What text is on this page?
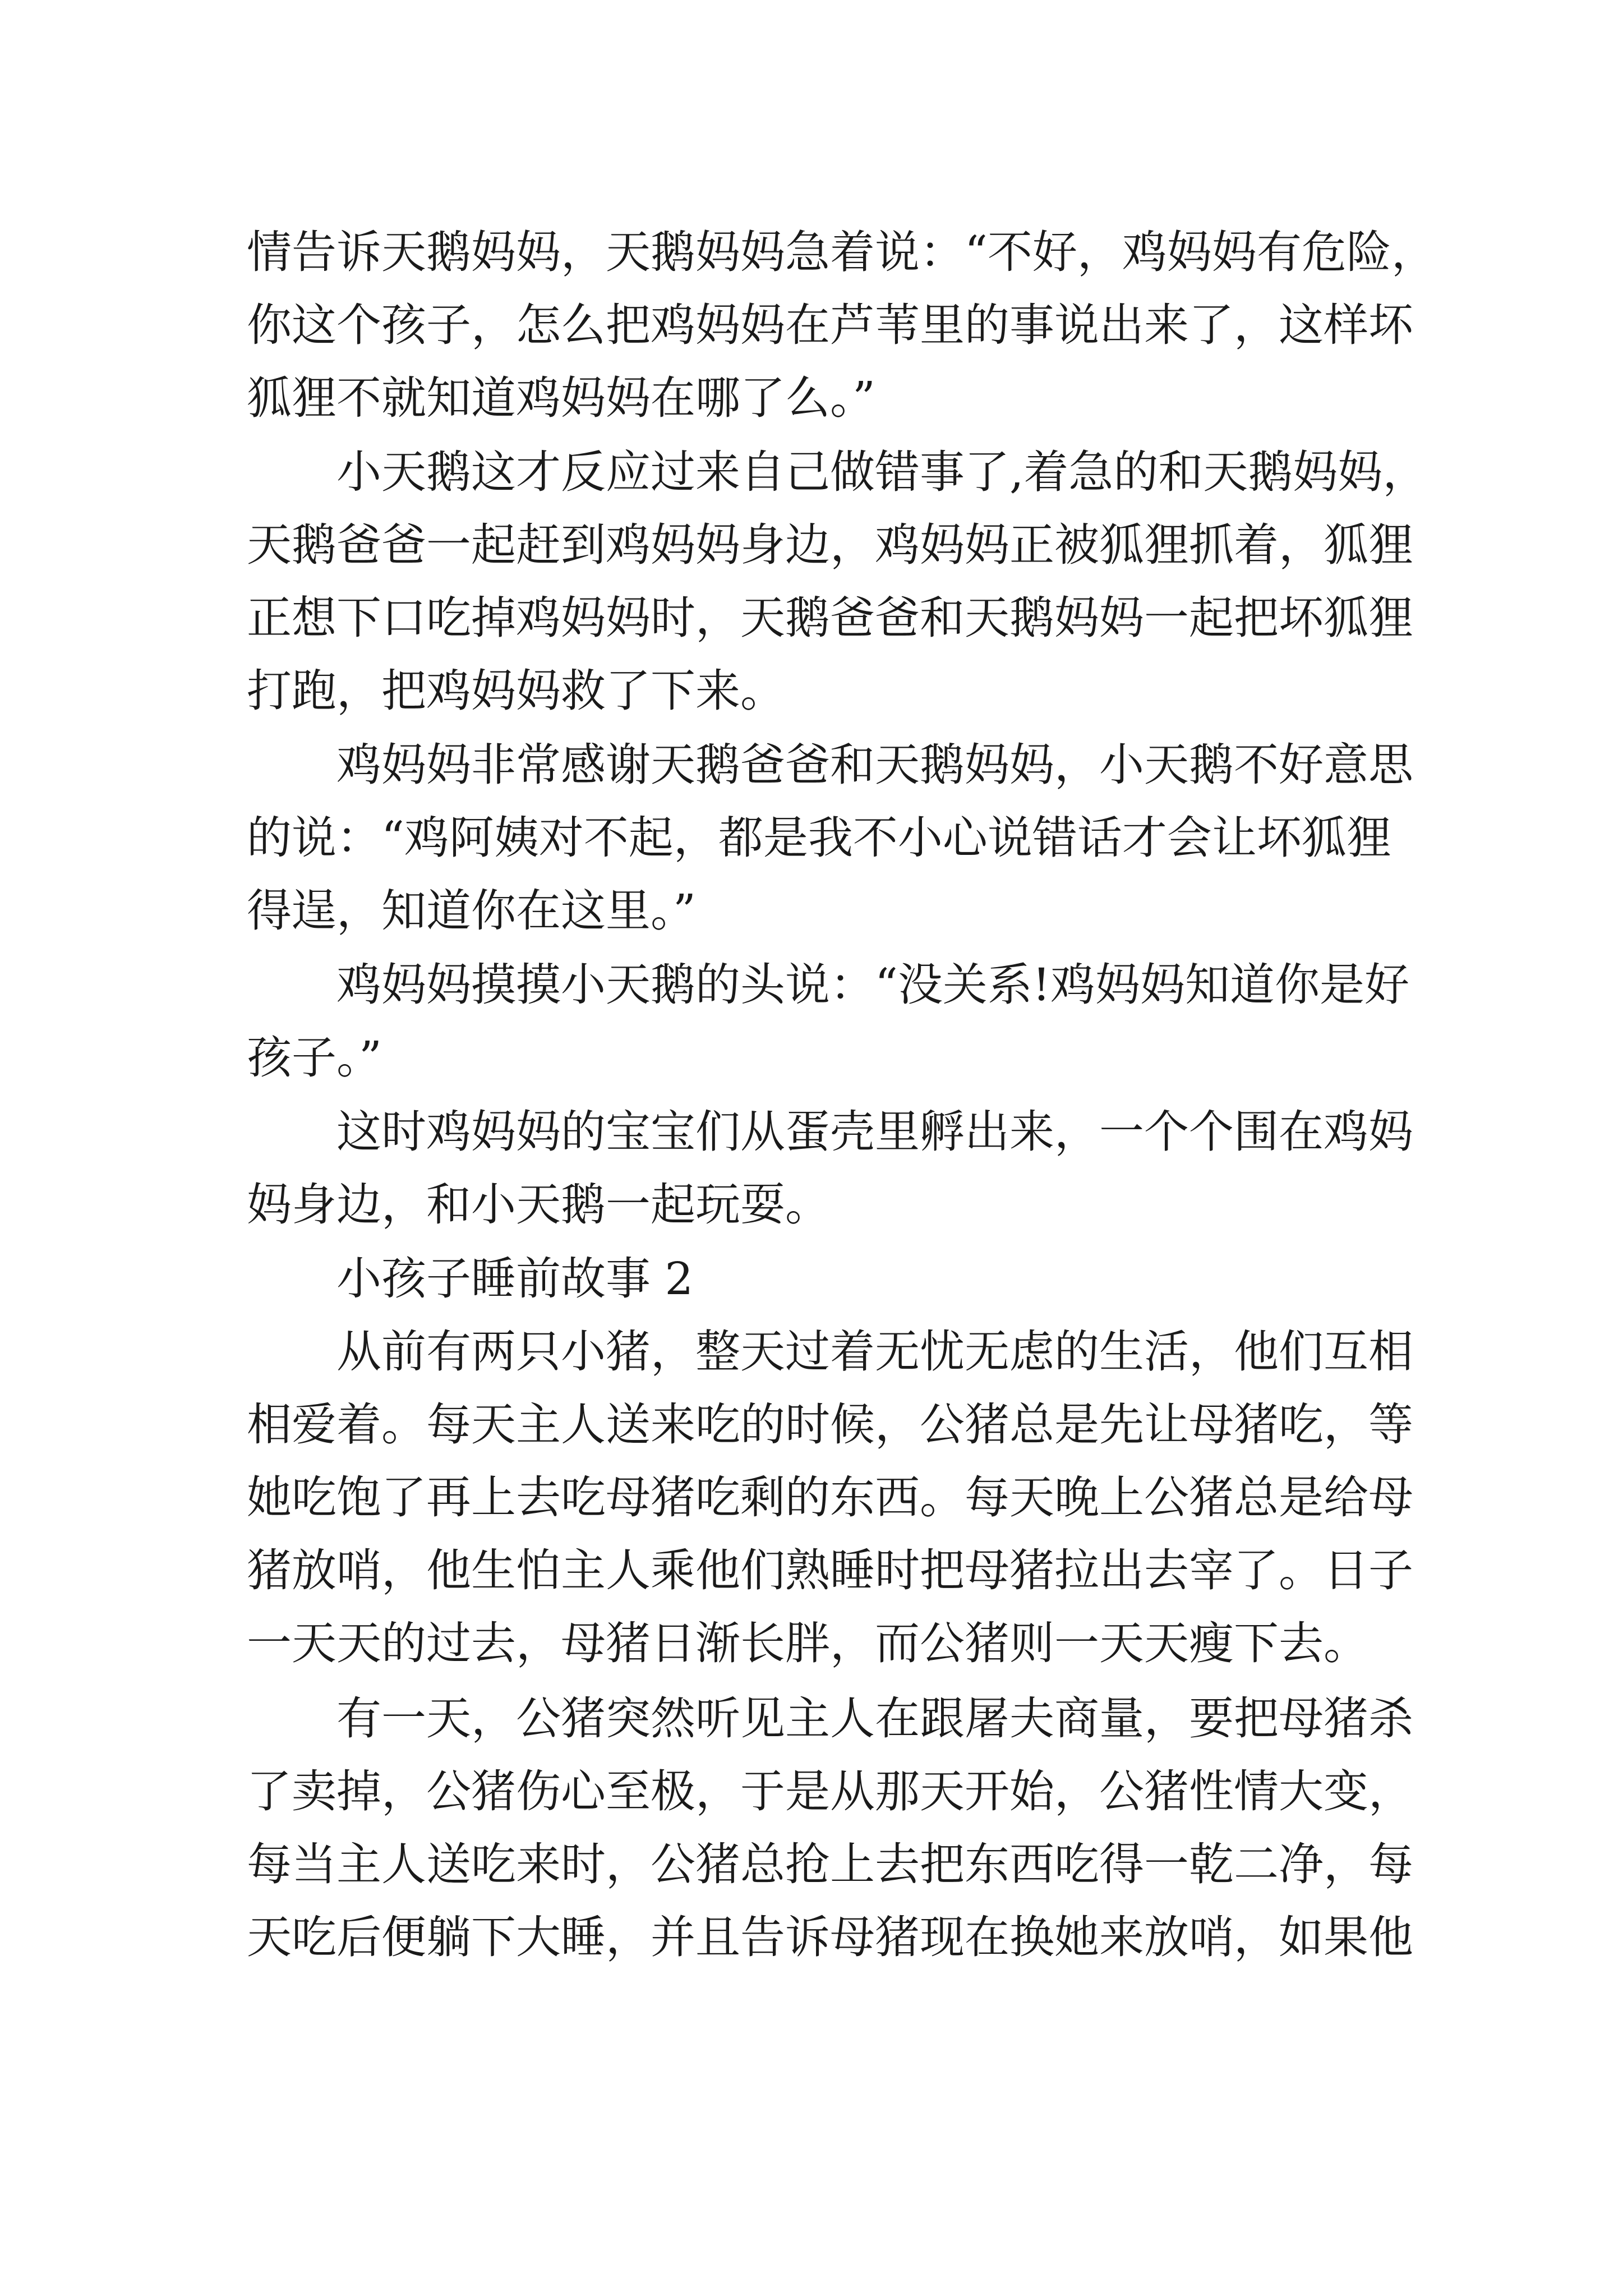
情告诉天鹅妈妈，天鹅妈妈急着说：“不好，鸡妈妈有危险，
你这个孩子，怎么把鸡妈妈在芦苇里的事说出来了，这样坏
狐狸不就知道鸡妈妈在哪了么。”
小天鹅这才反应过来自己做错事了,着急的和天鹅妈妈，
天鹅爸爸一起赶到鸡妈妈身边，鸡妈妈正被狐狸抓着，狐狸
正想下口吃掉鸡妈妈时，天鹅爸爸和天鹅妈妈一起把坏狐狸
打跑，把鸡妈妈救了下来。
鸡妈妈非常感谢天鹅爸爸和天鹅妈妈，小天鹅不好意思
的说：“鸡阿姨对不起，都是我不小心说错话才会让坏狐狸
得逞，知道你在这里。”
鸡妈妈摸摸小天鹅的头说：“没关系!鸡妈妈知道你是好
孩子。”
这时鸡妈妈的宝宝们从蛋壳里孵出来，一个个围在鸡妈
妈身边，和小天鹅一起玩耍。
小孩子睡前故事 2
从前有两只小猪，整天过着无忧无虑的生活，他们互相
相爱着。每天主人送来吃的时候，公猪总是先让母猪吃，等
她吃饱了再上去吃母猪吃剩的东西。每天晚上公猪总是给母
猪放哨，他生怕主人乘他们熟睡时把母猪拉出去宰了。日子
一天天的过去，母猪日渐长胖，而公猪则一天天瘦下去。
有一天，公猪突然听见主人在跟屠夫商量，要把母猪杀
了卖掉，公猪伤心至极，于是从那天开始，公猪性情大变，
每当主人送吃来时，公猪总抢上去把东西吃得一乾二净，每
天吃后便躺下大睡，并且告诉母猪现在换她来放哨，如果他
